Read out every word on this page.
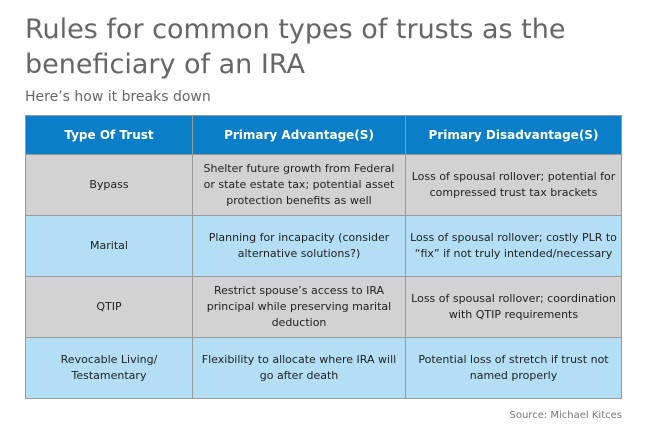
Rules for common types of trusts as the beneficiary of an IRA

Here’s how it breaks down

Type Of Trust	Primary Advantage(S)	Primary Disadvantage(S)
Bypass	Shelter future growth from Federal or state estate tax; potential asset protection benefits as well	Loss of spousal rollover; potential for compressed trust tax brackets
Marital	Planning for incapacity (consider alternative solutions?)	Loss of spousal rollover; costly PLR to “fix” if not truly intended/necessary
QTIP	Restrict spouse’s access to IRA principal while preserving marital deduction	Loss of spousal rollover; coordination with QTIP requirements
Revocable Living/ Testamentary	Flexibility to allocate where IRA will go after death	Potential loss of stretch if trust not named properly
Source: Michael Kitces
